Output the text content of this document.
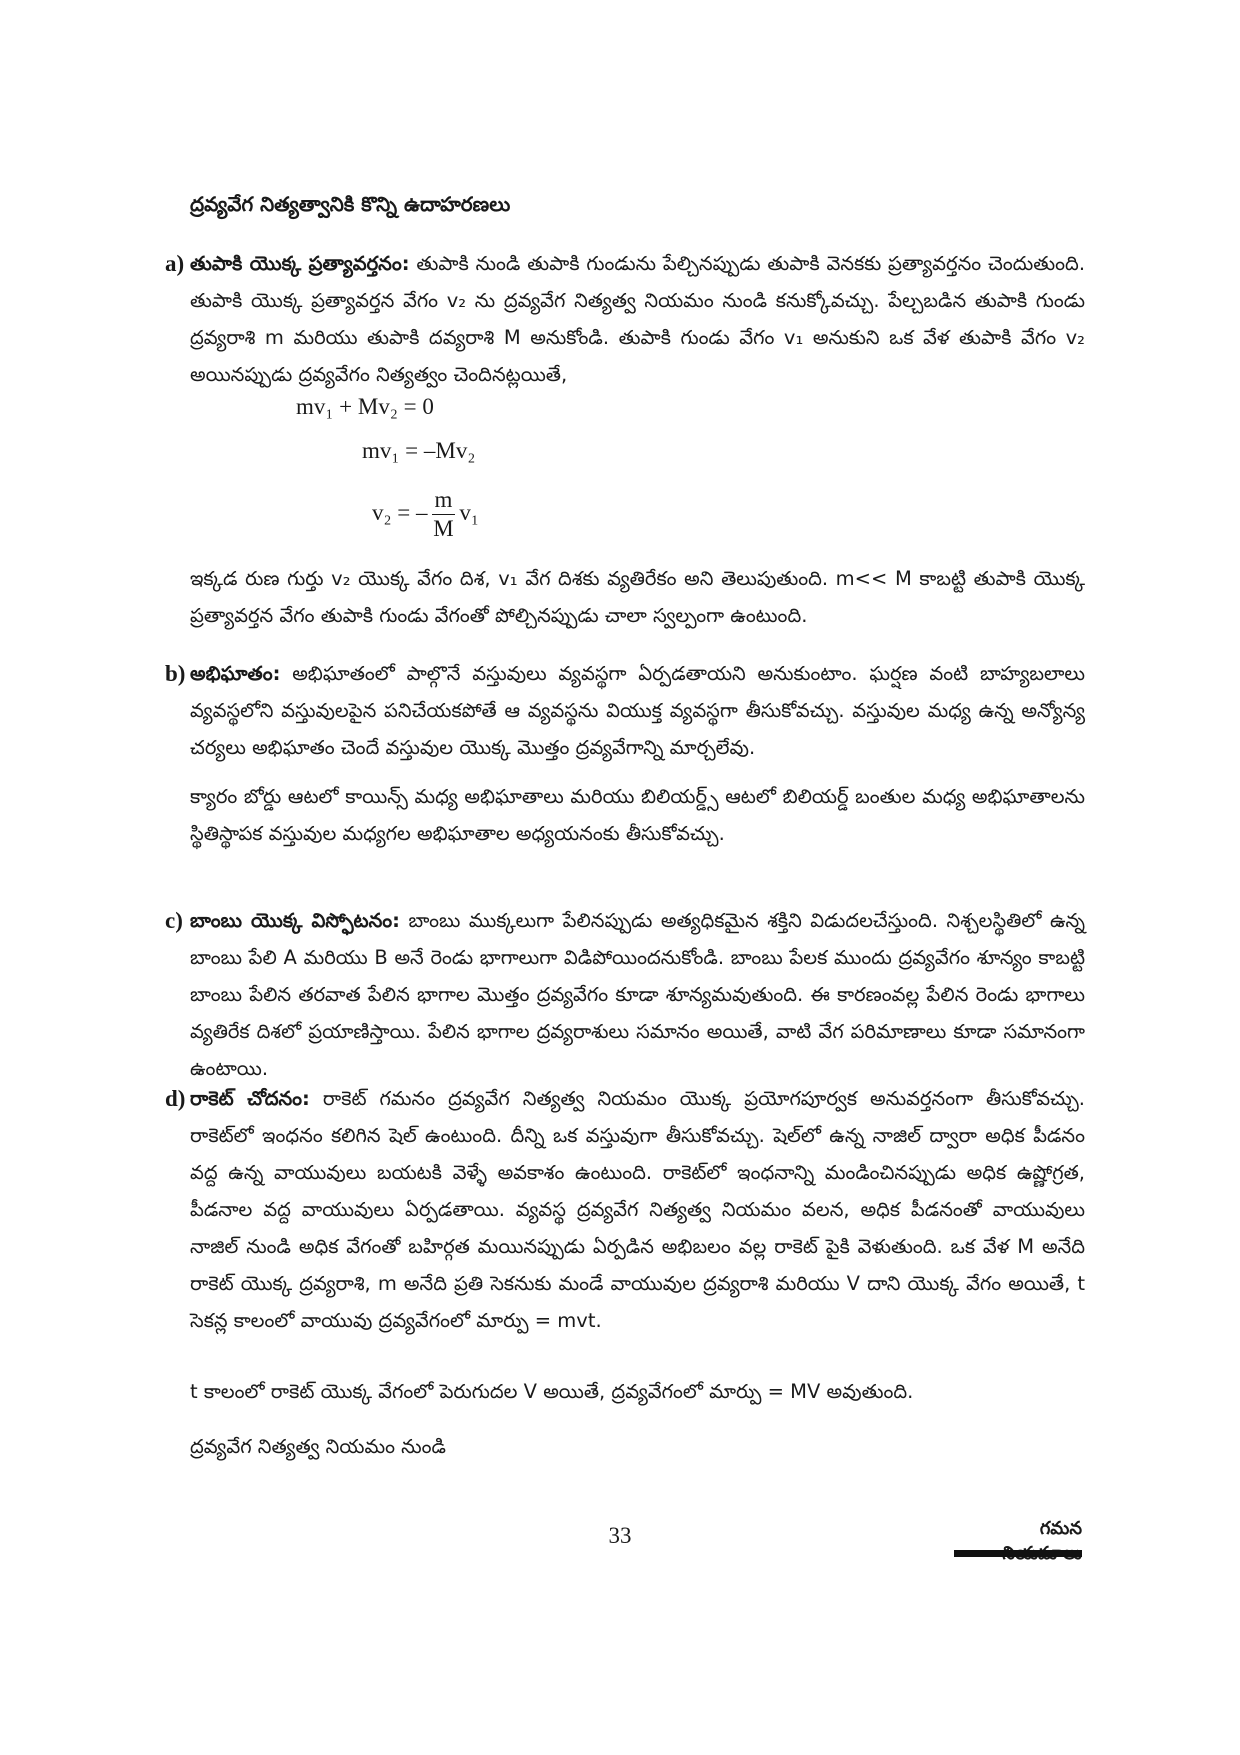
ద్రవ్యవేగ నిత్యత్వానికి కొన్ని ఉదాహరణలు
a) తుపాకి యొక్క ప్రత్యావర్తనం: తుపాకి నుండి తుపాకి గుండును పేల్చినప్పుడు తుపాకి వెనకకు ప్రత్యావర్తనం చెందుతుంది. తుపాకి యొక్క ప్రత్యావర్తన వేగం v₂ ను ద్రవ్యవేగ నిత్యత్వ నియమం నుండి కనుక్కోవచ్చు. పేల్చబడిన తుపాకి గుండు ద్రవ్యరాశి m మరియు తుపాకి దవ్యరాశి M అనుకోండి. తుపాకి గుండు వేగం v₁ అనుకుని ఒక వేళ తుపాకి వేగం v₂ అయినప్పుడు ద్రవ్యవేగం నిత్యత్వం చెందినట్లయితే,

mv₁ + Mv₂ = 0
mv₁ = –Mv₂
v₂ = – $\frac{m}{M} v_1$

ఇక్కడ రుణ గుర్తు v₂ యొక్క వేగం దిశ, v₁ వేగ దిశకు వ్యతిరేకం అని తెలుపుతుంది. m<< M కాబట్టి తుపాకి యొక్క ప్రత్యావర్తన వేగం తుపాకి గుండు వేగంతో పోల్చినప్పుడు చాలా స్వల్పంగా ఉంటుంది.

b) అభిఘాతం: అభిఘాతంలో పాల్గొనే వస్తువులు వ్యవస్థగా ఏర్పడతాయని అనుకుంటాం. ఘర్షణ వంటి బాహ్యబలాలు వ్యవస్థలోని వస్తువులపైన పనిచేయకపోతే ఆ వ్యవస్థను వియుక్త వ్యవస్థగా తీసుకోవచ్చు. వస్తువుల మధ్య ఉన్న అన్యోన్య చర్యలు అభిఘాతం చెందే వస్తువుల యొక్క మొత్తం ద్రవ్యవేగాన్ని మార్చలేవు.

క్యారం బోర్డు ఆటలో కాయిన్స్ మధ్య అభిఘాతాలు మరియు బిలియర్డ్స్ ఆటలో బిలియర్డ్ బంతుల మధ్య అభిఘాతాలను స్థితిస్థాపక వస్తువుల మధ్యగల అభిఘాతాల అధ్యయనంకు తీసుకోవచ్చు.

c) బాంబు యొక్క విస్ఫోటనం: బాంబు ముక్కలుగా పేలినప్పుడు అత్యధికమైన శక్తిని విడుదలచేస్తుంది. నిశ్చలస్థితిలో ఉన్న బాంబు పేలి A మరియు B అనే రెండు భాగాలుగా విడిపోయిందనుకోండి. బాంబు పేలక ముందు ద్రవ్యవేగం శూన్యం కాబట్టి బాంబు పేలిన తరవాత పేలిన భాగాల మొత్తం ద్రవ్యవేగం కూడా శూన్యమవుతుంది. ఈ కారణంవల్ల పేలిన రెండు భాగాలు వ్యతిరేక దిశలో ప్రయాణిస్తాయి. పేలిన భాగాల ద్రవ్యరాశులు సమానం అయితే, వాటి వేగ పరిమాణాలు కూడా సమానంగా ఉంటాయి.

d) రాకెట్ చోదనం: రాకెట్ గమనం ద్రవ్యవేగ నిత్యత్వ నియమం యొక్క ప్రయోగపూర్వక అనువర్తనంగా తీసుకోవచ్చు. రాకెట్‌లో ఇంధనం కలిగిన షెల్ ఉంటుంది. దీన్ని ఒక వస్తువుగా తీసుకోవచ్చు. షెల్‌లో ఉన్న నాజిల్ ద్వారా అధిక పీడనం వద్ద ఉన్న వాయువులు బయటకి వెళ్ళే అవకాశం ఉంటుంది. రాకెట్‌లో ఇంధనాన్ని మండించినప్పుడు అధిక ఉష్ణోగ్రత, పీడనాల వద్ద వాయువులు ఏర్పడతాయి. వ్యవస్థ ద్రవ్యవేగ నిత్యత్వ నియమం వలన, అధిక పీడనంతో వాయువులు నాజిల్ నుండి అధిక వేగంతో బహిర్గత మయినప్పుడు ఏర్పడిన అభిబలం వల్ల రాకెట్ పైకి వెళుతుంది. ఒక వేళ M అనేది రాకెట్ యొక్క ద్రవ్యరాశి, m అనేది ప్రతి సెకనుకు మండే వాయువుల ద్రవ్యరాశి మరియు V దాని యొక్క వేగం అయితే, t సెకన్ల కాలంలో వాయువు ద్రవ్యవేగంలో మార్పు = mvt.

t కాలంలో రాకెట్ యొక్క వేగంలో పెరుగుదల V అయితే, ద్రవ్యవేగంలో మార్పు = MV అవుతుంది.
ద్రవ్యవేగ నిత్యత్వ నియమం నుండి
33	గమన
